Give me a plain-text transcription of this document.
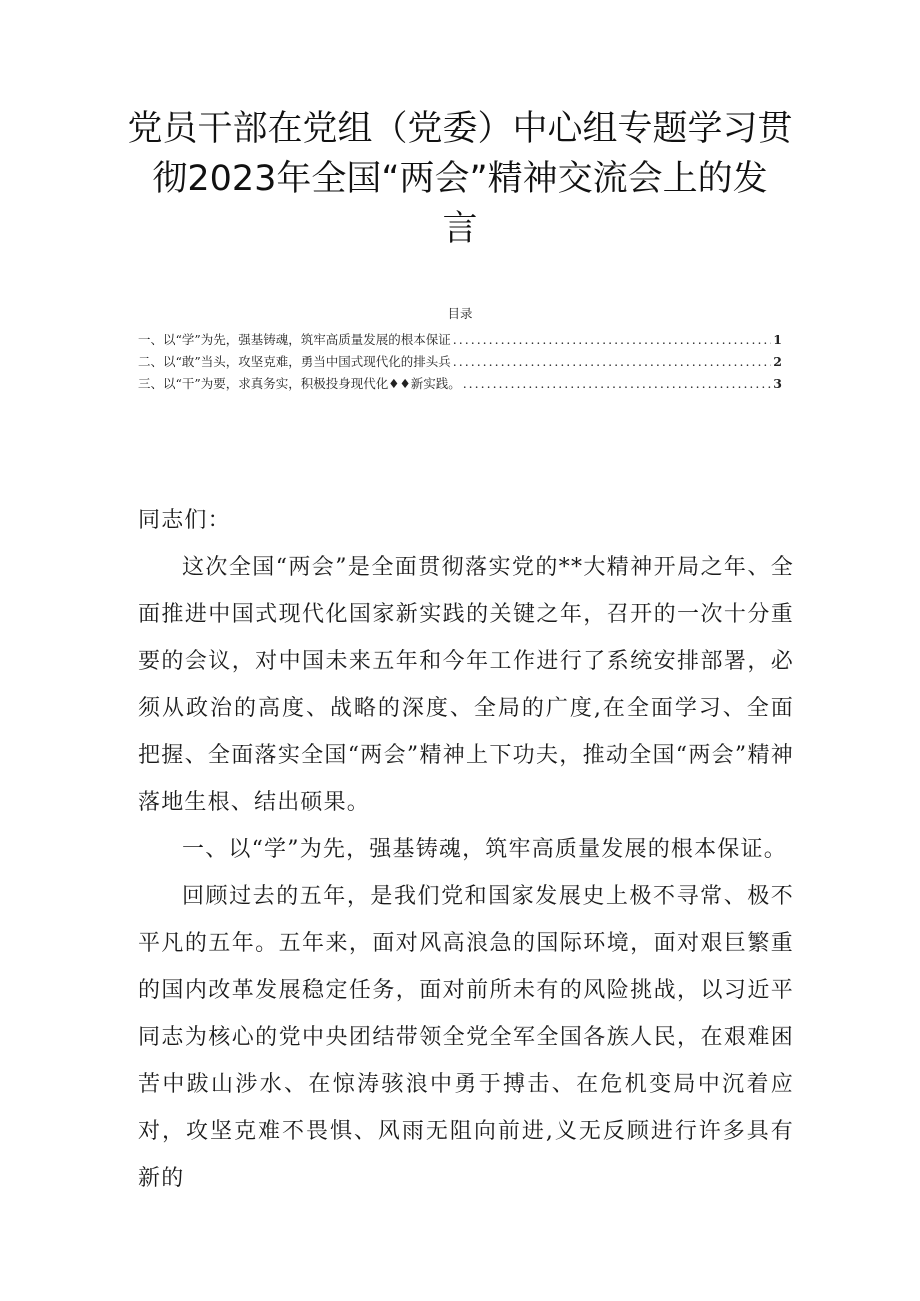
党员干部在党组（党委）中心组专题学习贯
彻2023年全国“两会”精神交流会上的发
言
目录
一、以“学”为先，强基铸魂，筑牢高质量发展的根本保证 .....	1
二、以“敢”当头，攻坚克难，勇当中国式现代化的排头兵 .....	2
三、以“干”为要，求真务实，积极投身现代化♦♦新实践。 .....	3

同志们：

这次全国“两会”是全面贯彻落实党的**大精神开局之年、全面推进中国式现代化国家新实践的关键之年，召开的一次十分重要的会议，对中国未来五年和今年工作进行了系统安排部署，必须从政治的高度、战略的深度、全局的广度,在全面学习、全面把握、全面落实全国“两会”精神上下功夫，推动全国“两会”精神落地生根、结出硕果。

一、以“学”为先，强基铸魂，筑牢高质量发展的根本保证。

回顾过去的五年，是我们党和国家发展史上极不寻常、极不平凡的五年。五年来，面对风高浪急的国际环境，面对艰巨繁重的国内改革发展稳定任务，面对前所未有的风险挑战，以习近平同志为核心的党中央团结带领全党全军全国各族人民，在艰难困苦中跋山涉水、在惊涛骇浪中勇于搏击、在危机变局中沉着应对，攻坚克难不畏惧、风雨无阻向前进,义无反顾进行许多具有新的
